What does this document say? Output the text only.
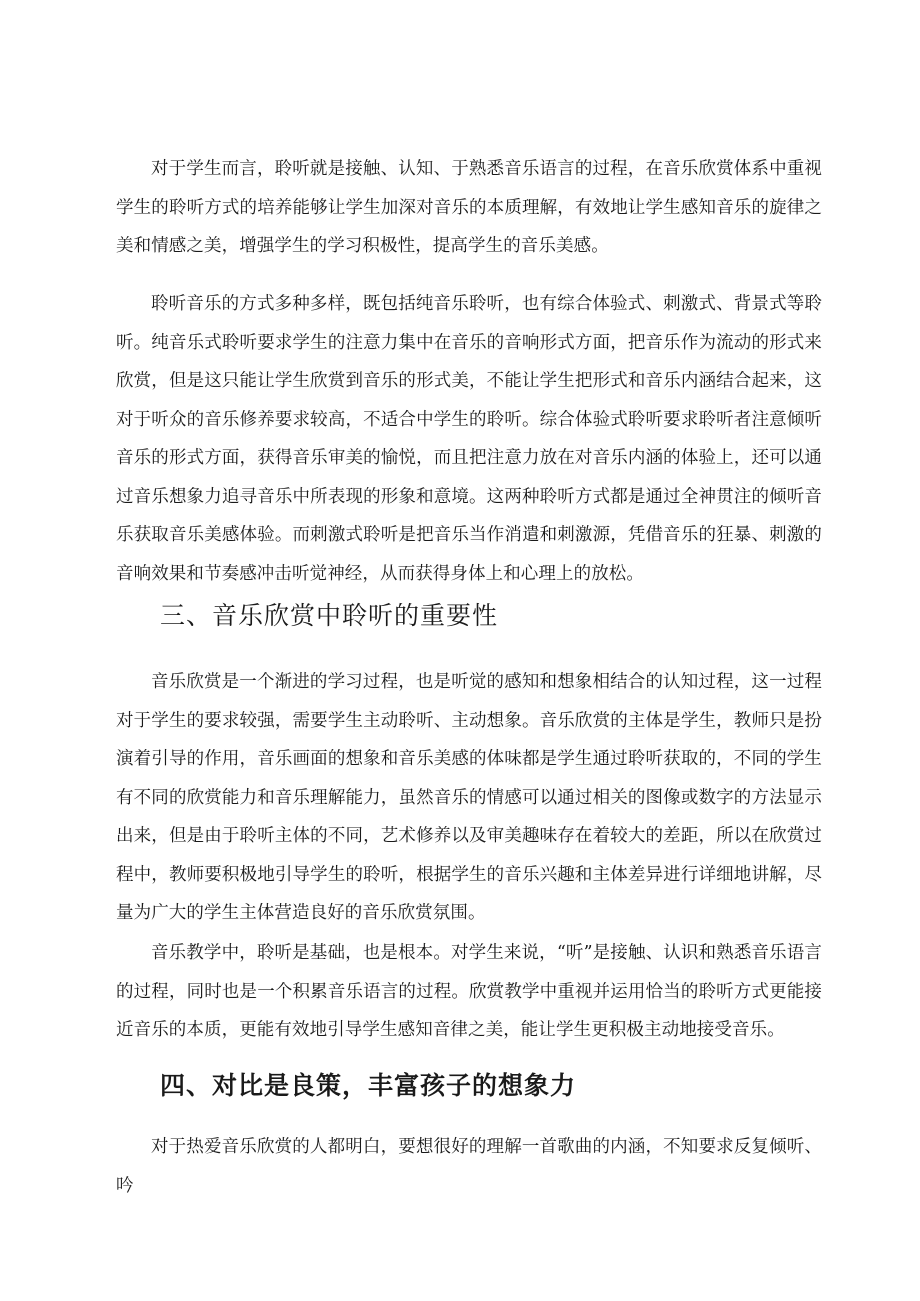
对于学生而言，聆听就是接触、认知、于熟悉音乐语言的过程，在音乐欣赏体系中重视学生的聆听方式的培养能够让学生加深对音乐的本质理解，有效地让学生感知音乐的旋律之美和情感之美，增强学生的学习积极性，提高学生的音乐美感。

聆听音乐的方式多种多样，既包括纯音乐聆听，也有综合体验式、刺激式、背景式等聆听。纯音乐式聆听要求学生的注意力集中在音乐的音响形式方面，把音乐作为流动的形式来欣赏，但是这只能让学生欣赏到音乐的形式美，不能让学生把形式和音乐内涵结合起来，这对于听众的音乐修养要求较高，不适合中学生的聆听。综合体验式聆听要求聆听者注意倾听音乐的形式方面，获得音乐审美的愉悦，而且把注意力放在对音乐内涵的体验上，还可以通过音乐想象力追寻音乐中所表现的形象和意境。这两种聆听方式都是通过全神贯注的倾听音乐获取音乐美感体验。而刺激式聆听是把音乐当作消遣和刺激源，凭借音乐的狂暴、刺激的音响效果和节奏感冲击听觉神经，从而获得身体上和心理上的放松。

三、音乐欣赏中聆听的重要性

音乐欣赏是一个渐进的学习过程，也是听觉的感知和想象相结合的认知过程，这一过程对于学生的要求较强，需要学生主动聆听、主动想象。音乐欣赏的主体是学生，教师只是扮演着引导的作用，音乐画面的想象和音乐美感的体味都是学生通过聆听获取的，不同的学生有不同的欣赏能力和音乐理解能力，虽然音乐的情感可以通过相关的图像或数字的方法显示出来，但是由于聆听主体的不同，艺术修养以及审美趣味存在着较大的差距，所以在欣赏过程中，教师要积极地引导学生的聆听，根据学生的音乐兴趣和主体差异进行详细地讲解，尽量为广大的学生主体营造良好的音乐欣赏氛围。

音乐教学中，聆听是基础，也是根本。对学生来说，“听”是接触、认识和熟悉音乐语言的过程，同时也是一个积累音乐语言的过程。欣赏教学中重视并运用恰当的聆听方式更能接近音乐的本质，更能有效地引导学生感知音律之美，能让学生更积极主动地接受音乐。

四、对比是良策，丰富孩子的想象力

对于热爱音乐欣赏的人都明白，要想很好的理解一首歌曲的内涵，不知要求反复倾听、吟
